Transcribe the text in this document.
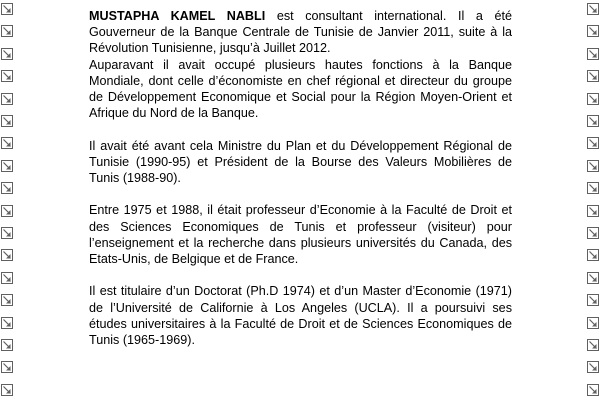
MUSTAPHA KAMEL NABLI est consultant international. Il a été Gouverneur de la Banque Centrale de Tunisie de Janvier 2011, suite à la Révolution Tunisienne, jusqu’à Juillet 2012.

Auparavant il avait occupé plusieurs hautes fonctions à la Banque Mondiale, dont celle d’économiste en chef régional et directeur du groupe de Développement Economique et Social pour la Région Moyen-Orient et Afrique du Nord de la Banque.

Il avait été avant cela Ministre du Plan et du Développement Régional de Tunisie (1990-95) et Président de la Bourse des Valeurs Mobilières de Tunis (1988-90).

Entre 1975 et 1988, il était professeur d’Economie à la Faculté de Droit et des Sciences Economiques de Tunis et professeur (visiteur) pour l’enseignement et la recherche dans plusieurs universités du Canada, des Etats-Unis, de Belgique et de France.

Il est titulaire d’un Doctorat (Ph.D 1974) et d’un Master d’Economie (1971) de l’Université de Californie à Los Angeles (UCLA). Il a poursuivi ses études universitaires à la Faculté de Droit et de Sciences Economiques de Tunis (1965-1969).
